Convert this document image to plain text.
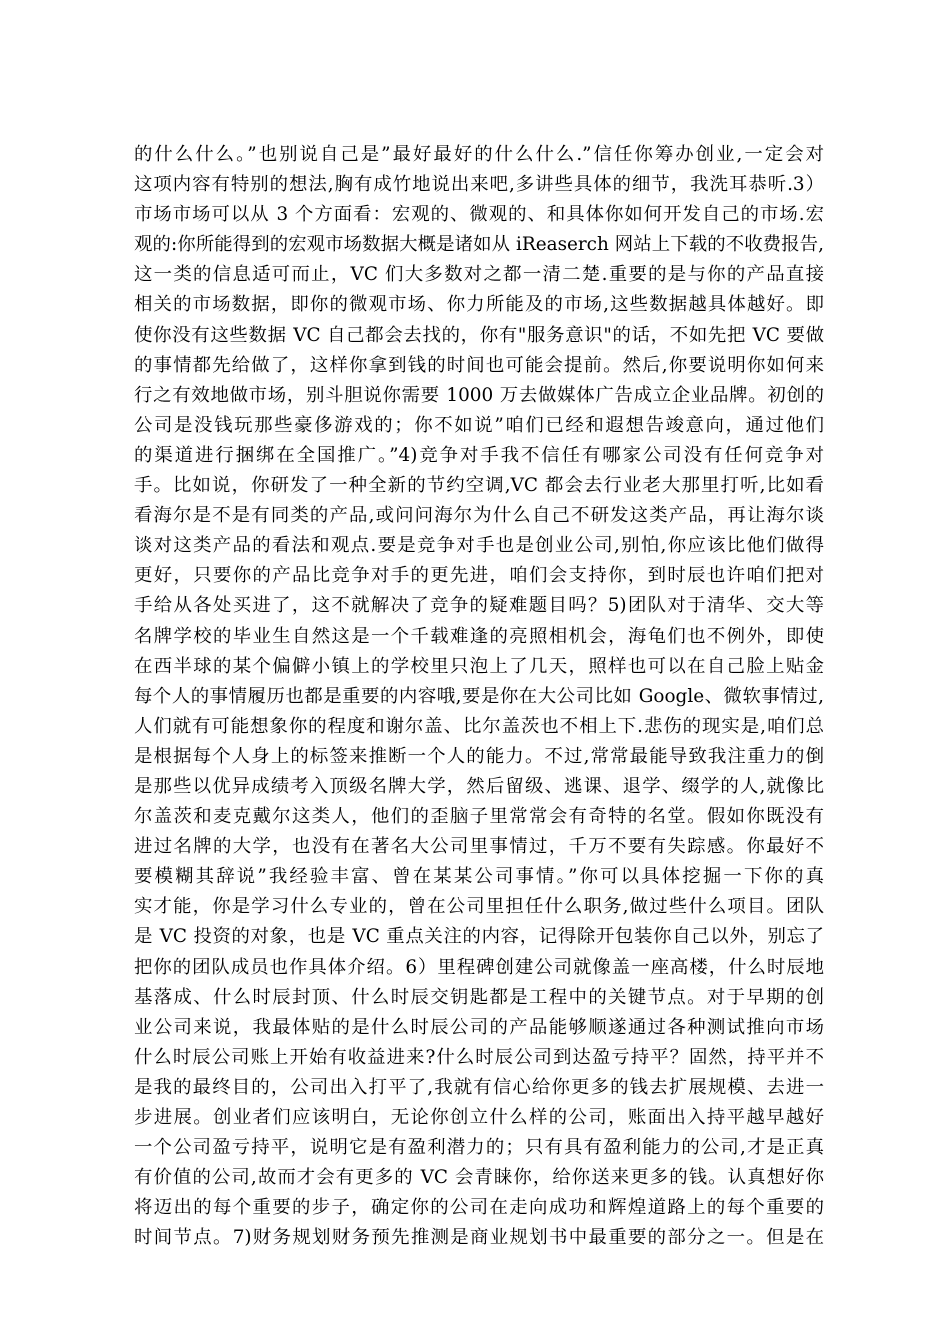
的什么什么。”也别说自己是”最好最好的什么什么.”信任你筹办创业,一定会对
这项内容有特别的想法,胸有成竹地说出来吧,多讲些具体的细节，我洗耳恭听.3）
市场市场可以从 3 个方面看：宏观的、微观的、和具体你如何开发自己的市场.宏
观的:你所能得到的宏观市场数据大概是诸如从 iReaserch 网站上下载的不收费报告,
这一类的信息适可而止，VC 们大多数对之都一清二楚.重要的是与你的产品直接
相关的市场数据，即你的微观市场、你力所能及的市场,这些数据越具体越好。即
使你没有这些数据 VC 自己都会去找的，你有"服务意识"的话，不如先把 VC 要做
的事情都先给做了，这样你拿到钱的时间也可能会提前。然后,你要说明你如何来
行之有效地做市场，别斗胆说你需要 1000 万去做媒体广告成立企业品牌。初创的
公司是没钱玩那些豪侈游戏的；你不如说”咱们已经和遐想告竣意向，通过他们
的渠道进行捆绑在全国推广。”4)竞争对手我不信任有哪家公司没有任何竞争对
手。比如说，你研发了一种全新的节约空调,VC 都会去行业老大那里打听,比如看
看海尔是不是有同类的产品,或问问海尔为什么自己不研发这类产品，再让海尔谈
谈对这类产品的看法和观点.要是竞争对手也是创业公司,别怕,你应该比他们做得
更好，只要你的产品比竞争对手的更先进，咱们会支持你，到时辰也许咱们把对
手给从各处买进了，这不就解决了竞争的疑难题目吗？5)团队对于清华、交大等
名牌学校的毕业生自然这是一个千载难逢的亮照相机会，海龟们也不例外，即使
在西半球的某个偏僻小镇上的学校里只泡上了几天，照样也可以在自己脸上贴金
每个人的事情履历也都是重要的内容哦,要是你在大公司比如 Google、微软事情过,
人们就有可能想象你的程度和谢尔盖、比尔盖茨也不相上下.悲伤的现实是,咱们总
是根据每个人身上的标签来推断一个人的能力。不过,常常最能导致我注重力的倒
是那些以优异成绩考入顶级名牌大学，然后留级、逃课、退学、缀学的人,就像比
尔盖茨和麦克戴尔这类人，他们的歪脑子里常常会有奇特的名堂。假如你既没有
进过名牌的大学，也没有在著名大公司里事情过，千万不要有失踪感。你最好不
要模糊其辞说”我经验丰富、曾在某某公司事情。”你可以具体挖掘一下你的真
实才能，你是学习什么专业的，曾在公司里担任什么职务,做过些什么项目。团队
是 VC 投资的对象，也是 VC 重点关注的内容，记得除开包装你自己以外，别忘了
把你的团队成员也作具体介绍。6）里程碑创建公司就像盖一座高楼，什么时辰地
基落成、什么时辰封顶、什么时辰交钥匙都是工程中的关键节点。对于早期的创
业公司来说，我最体贴的是什么时辰公司的产品能够顺遂通过各种测试推向市场
什么时辰公司账上开始有收益进来?什么时辰公司到达盈亏持平？固然，持平并不
是我的最终目的，公司出入打平了,我就有信心给你更多的钱去扩展规模、去进一
步进展。创业者们应该明白，无论你创立什么样的公司，账面出入持平越早越好
一个公司盈亏持平，说明它是有盈利潜力的；只有具有盈利能力的公司,才是正真
有价值的公司,故而才会有更多的 VC 会青睐你，给你送来更多的钱。认真想好你
将迈出的每个重要的步子，确定你的公司在走向成功和辉煌道路上的每个重要的
时间节点。7)财务规划财务预先推测是商业规划书中最重要的部分之一。但是在
